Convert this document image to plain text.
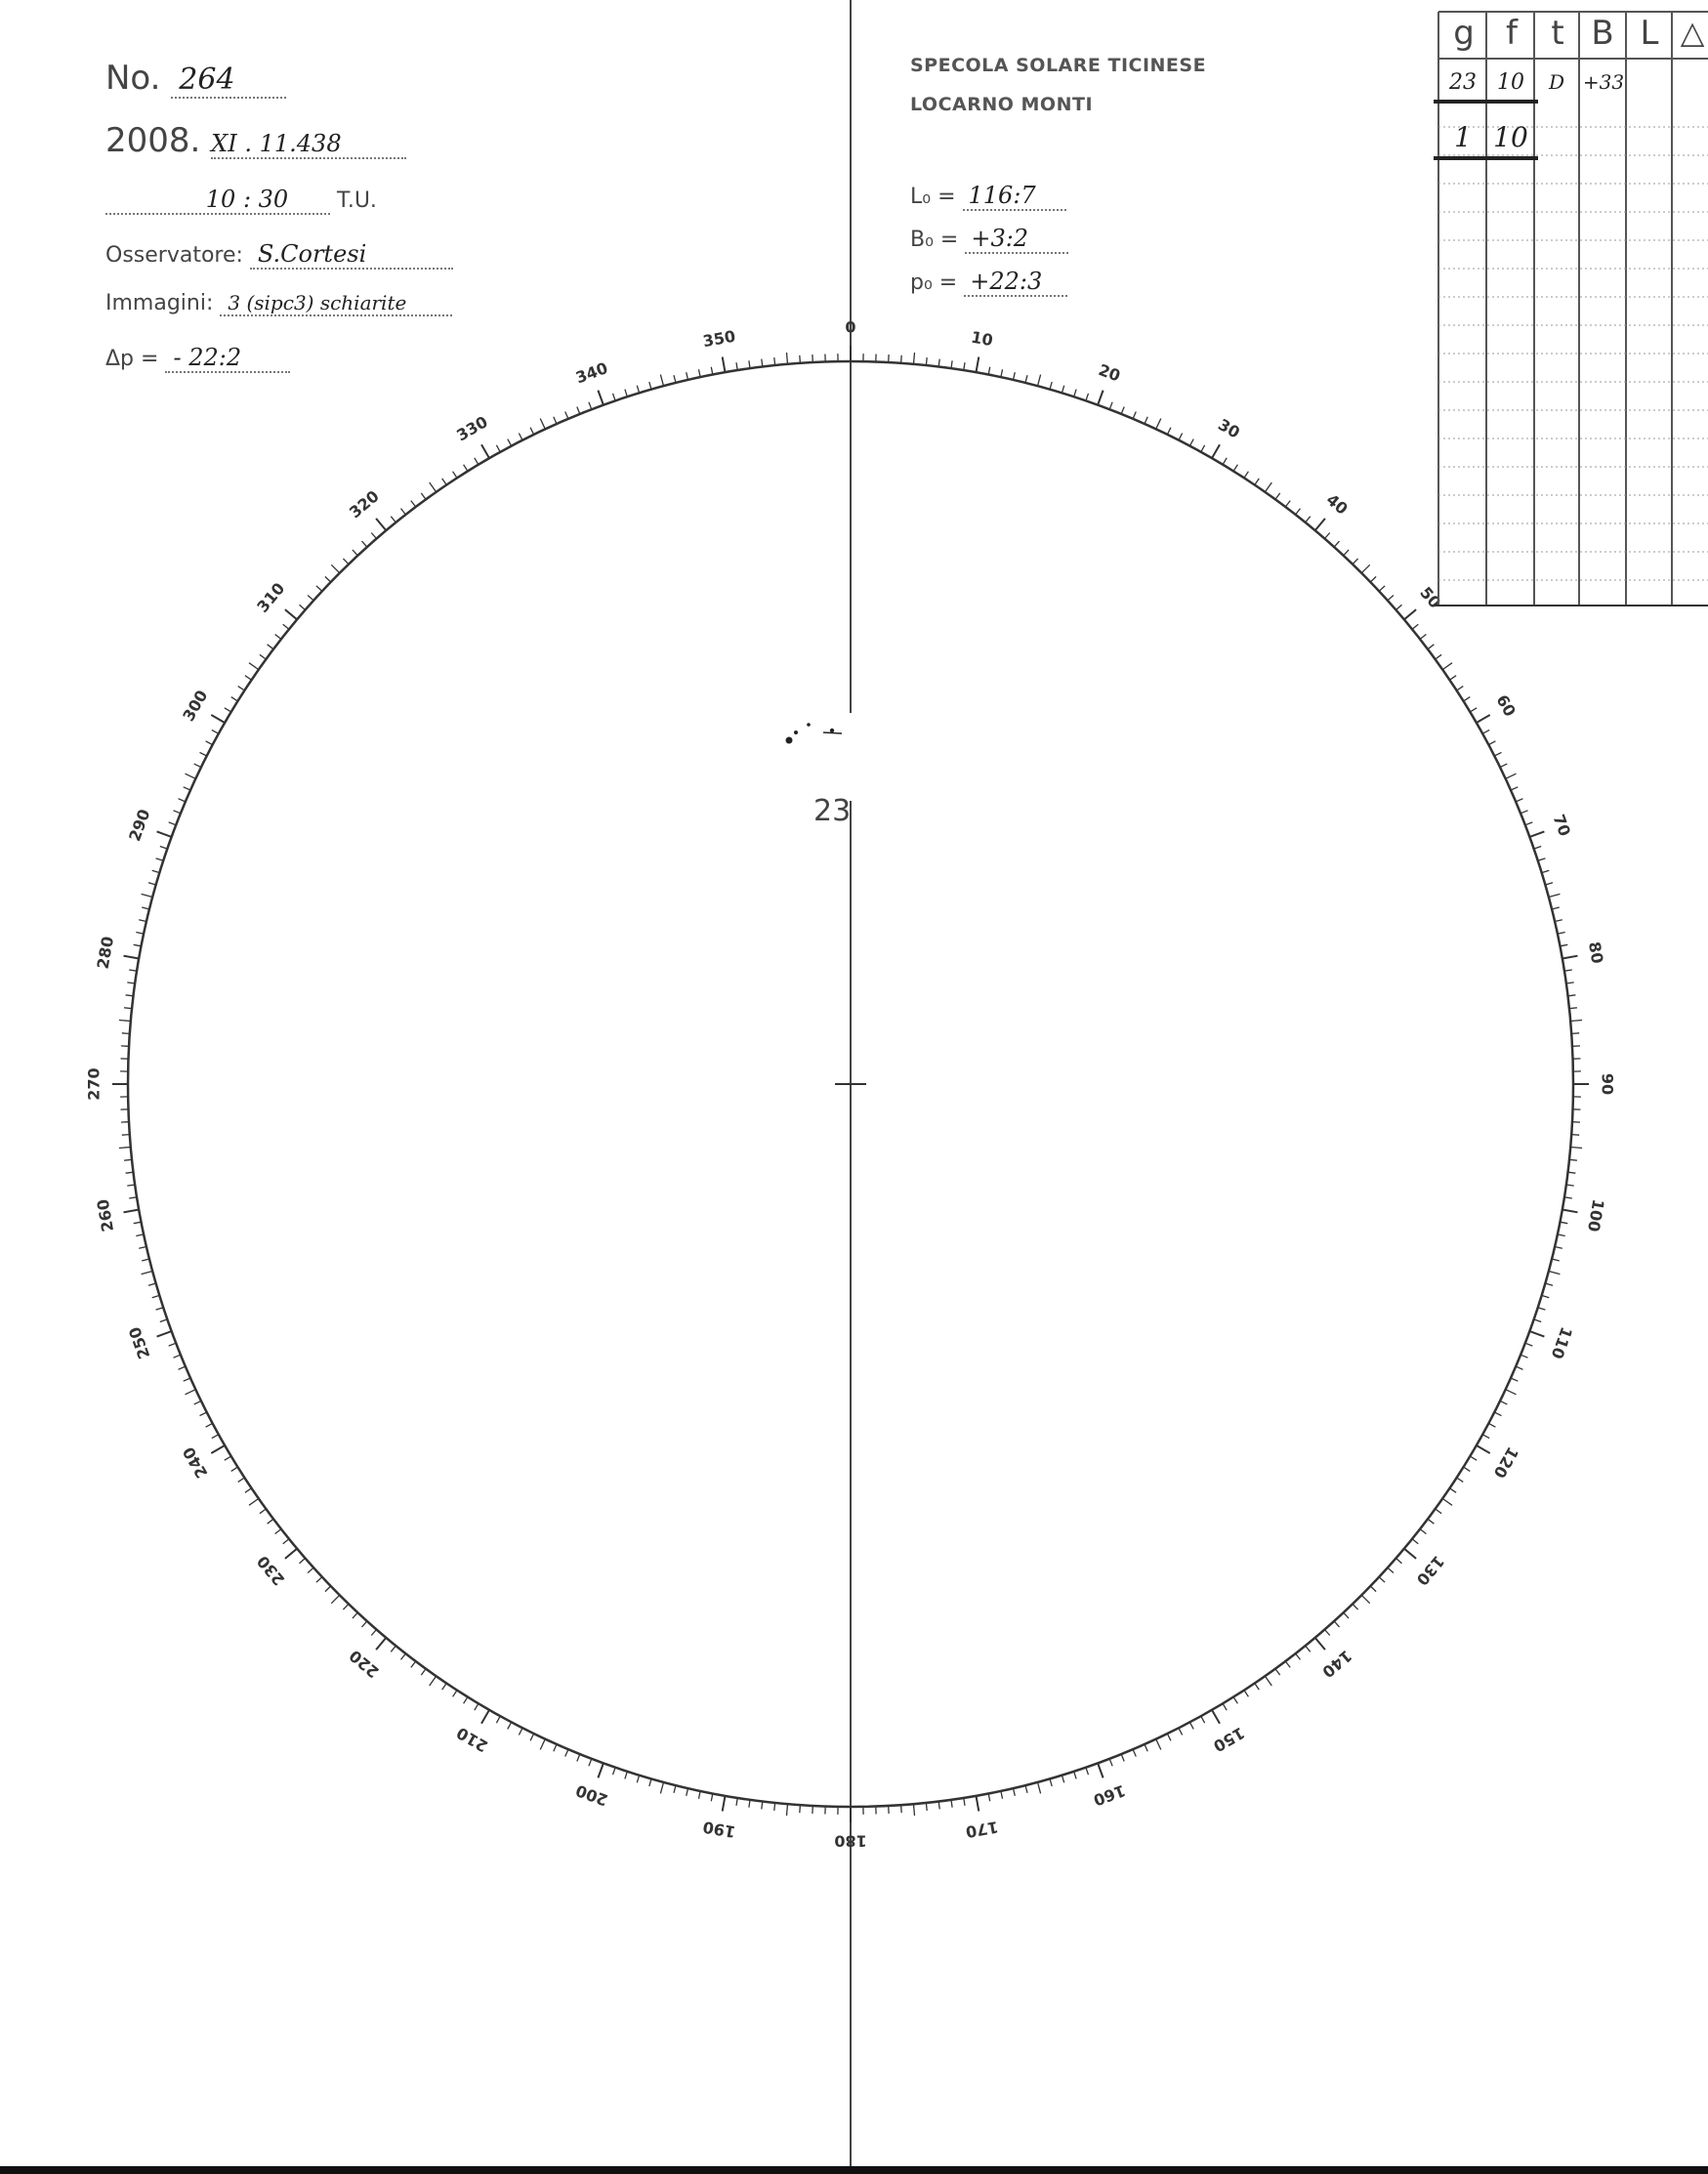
No. 264
2008. XI . 11.438
10 : 30 T.U.
Osservatore: S.Cortesi
Immagini: 3 (sipc3) schiarite
Δp = - 22:2
SPECOLA SOLARE TICINESE
LOCARNO MONTI
L₀ = 116:7
B₀ = +3:2
p₀ = +22:3
0
10
20
30
40
50
60
70
80
90
100
110
120
130
140
150
160
170
180
190
200
210
220
230
240
250
260
270
280
290
300
310
320
330
340
350
23
g f	t B L △
23 10	D +33
1 10
